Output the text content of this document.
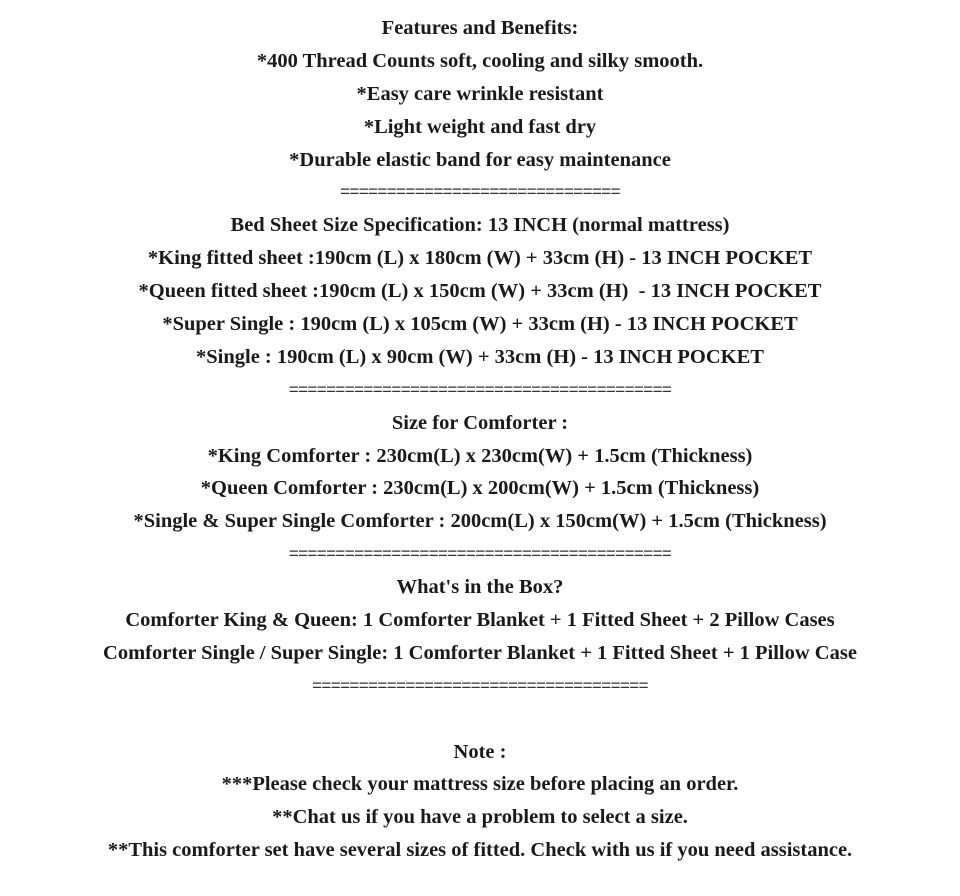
Features and Benefits:
*400 Thread Counts soft, cooling and silky smooth.
*Easy care wrinkle resistant
*Light weight and fast dry
*Durable elastic band for easy maintenance
==============================
Bed Sheet Size Specification: 13 INCH (normal mattress)
*King fitted sheet :190cm (L) x 180cm (W) + 33cm (H) - 13 INCH POCKET
*Queen fitted sheet :190cm (L) x 150cm (W) + 33cm (H)  - 13 INCH POCKET
*Super Single : 190cm (L) x 105cm (W) + 33cm (H) - 13 INCH POCKET
*Single : 190cm (L) x 90cm (W) + 33cm (H) - 13 INCH POCKET
=========================================
Size for Comforter :
*King Comforter : 230cm(L) x 230cm(W) + 1.5cm (Thickness)
*Queen Comforter : 230cm(L) x 200cm(W) + 1.5cm (Thickness)
*Single & Super Single Comforter : 200cm(L) x 150cm(W) + 1.5cm (Thickness)
=========================================
What's in the Box?
Comforter King & Queen: 1 Comforter Blanket + 1 Fitted Sheet + 2 Pillow Cases
Comforter Single / Super Single: 1 Comforter Blanket + 1 Fitted Sheet + 1 Pillow Case
====================================
Note :
***Please check your mattress size before placing an order.
**Chat us if you have a problem to select a size.
**This comforter set have several sizes of fitted. Check with us if you need assistance.
